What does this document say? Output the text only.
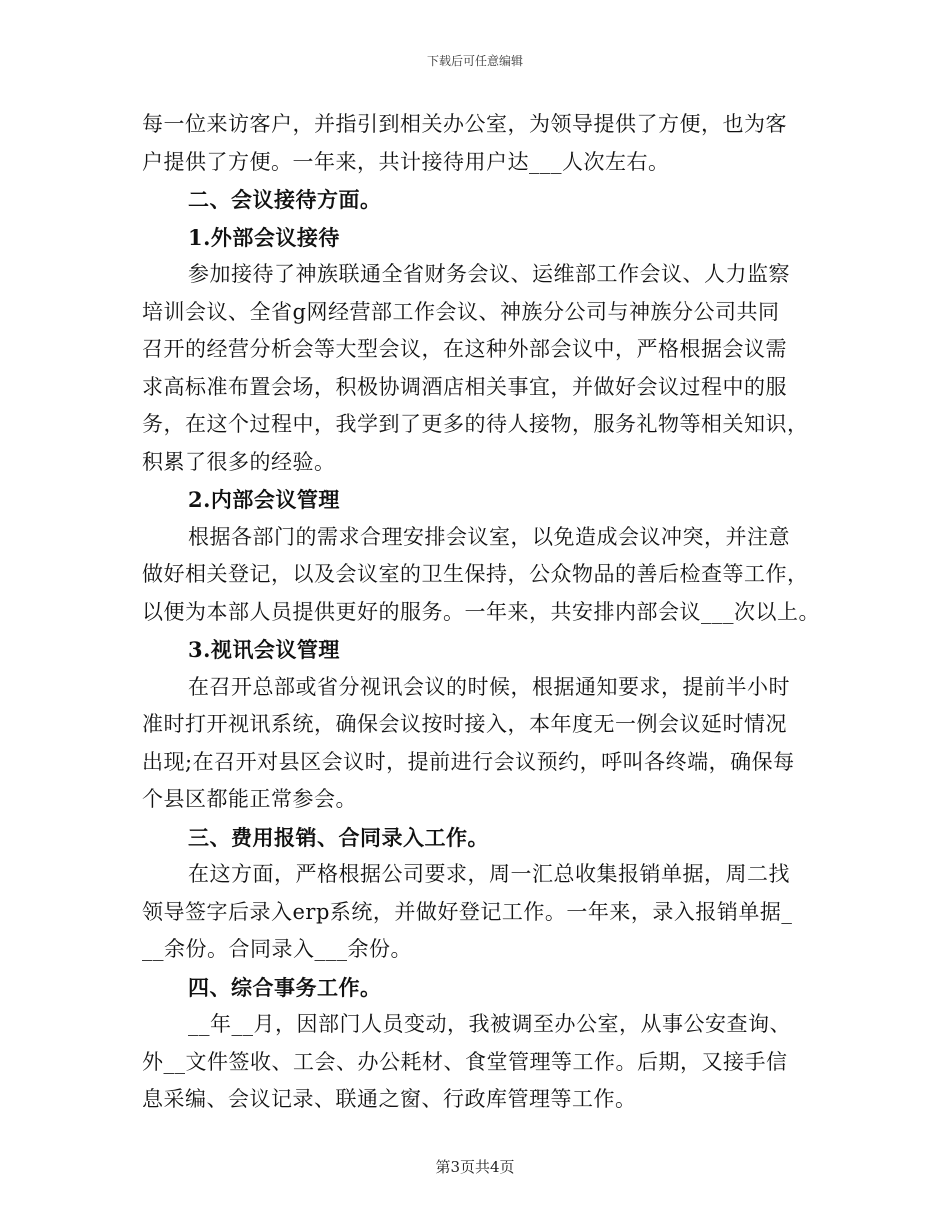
下载后可任意编辑
每一位来访客户，并指引到相关办公室，为领导提供了方便，也为客
户提供了方便。一年来，共计接待用户达___人次左右。
二、会议接待方面。
1.外部会议接待
参加接待了神族联通全省财务会议、运维部工作会议、人力监察
培训会议、全省g网经营部工作会议、神族分公司与神族分公司共同
召开的经营分析会等大型会议，在这种外部会议中，严格根据会议需
求高标准布置会场，积极协调酒店相关事宜，并做好会议过程中的服
务，在这个过程中，我学到了更多的待人接物，服务礼物等相关知识，
积累了很多的经验。
2.内部会议管理
根据各部门的需求合理安排会议室，以免造成会议冲突，并注意
做好相关登记，以及会议室的卫生保持，公众物品的善后检查等工作，
以便为本部人员提供更好的服务。一年来，共安排内部会议___次以上。
3.视讯会议管理
在召开总部或省分视讯会议的时候，根据通知要求，提前半小时
准时打开视讯系统，确保会议按时接入，本年度无一例会议延时情况
出现;在召开对县区会议时，提前进行会议预约，呼叫各终端，确保每
个县区都能正常参会。
三、费用报销、合同录入工作。
在这方面，严格根据公司要求，周一汇总收集报销单据，周二找
领导签字后录入erp系统，并做好登记工作。一年来，录入报销单据_
__余份。合同录入___余份。
四、综合事务工作。
__年__月，因部门人员变动，我被调至办公室，从事公安查询、
外__文件签收、工会、办公耗材、食堂管理等工作。后期，又接手信
息采编、会议记录、联通之窗、行政库管理等工作。
第3页共4页
